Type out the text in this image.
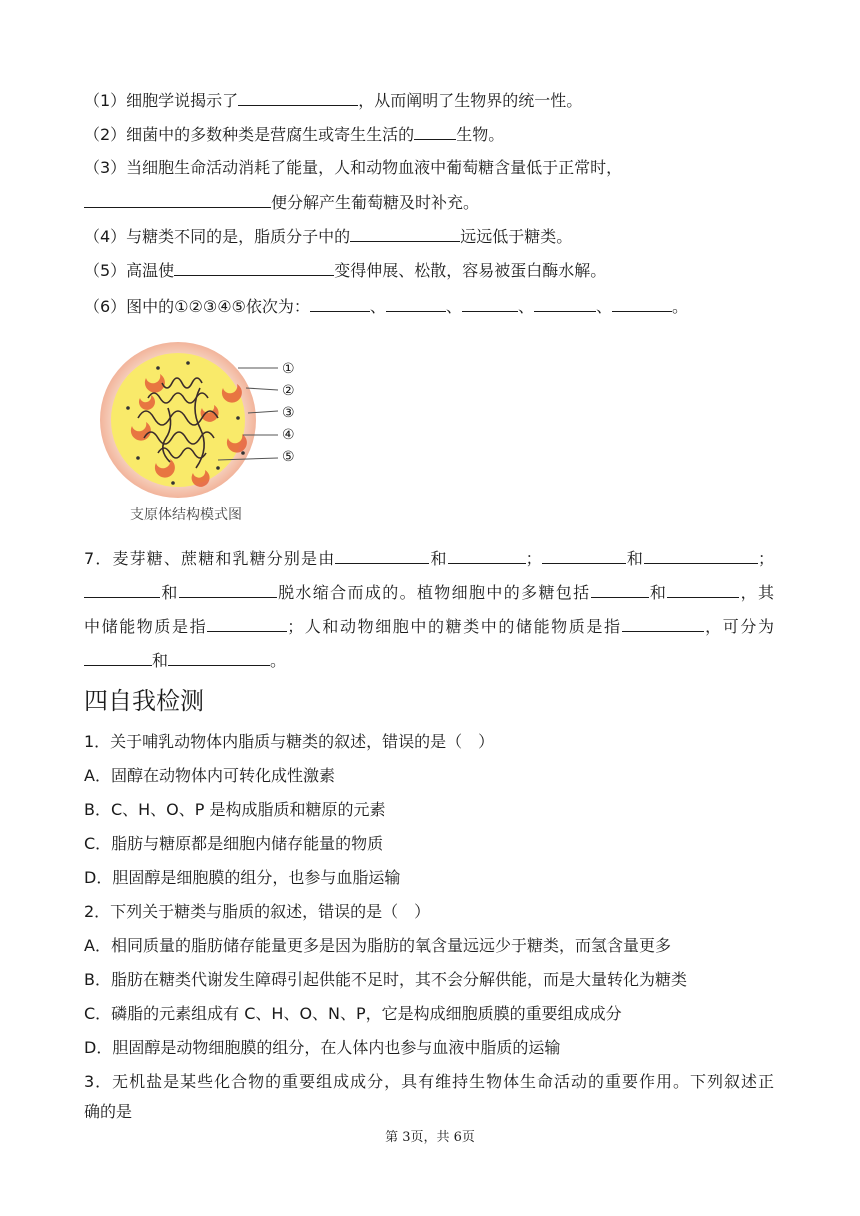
（1）细胞学说揭示了	，从而阐明了生物界的统一性。
（2）细菌中的多数种类是营腐生或寄生生活的	生物。
（3）当细胞生命活动消耗了能量，人和动物血液中葡萄糖含量低于正常时，
便分解产生葡萄糖及时补充。
（4）与糖类不同的是，脂质分子中的	远远低于糖类。
（5）高温使	变得伸展、松散，容易被蛋白酶水解。
（6）图中的①②③④⑤依次为：	、	、	、	、	。
①
②
③
④
⑤
支原体结构模式图
7．麦芽糖、蔗糖和乳糖分别是由	和	；	和	；
和	脱水缩合而成的。植物细胞中的多糖包括	和	，其
中储能物质是指	；人和动物细胞中的糖类中的储能物质是指	，可分为
和	。
四自我检测
1．关于哺乳动物体内脂质与糖类的叙述，错误的是（　）
A．固醇在动物体内可转化成性激素
B．C、H、O、P 是构成脂质和糖原的元素
C．脂肪与糖原都是细胞内储存能量的物质
D．胆固醇是细胞膜的组分，也参与血脂运输
2．下列关于糖类与脂质的叙述，错误的是（　）
A．相同质量的脂肪储存能量更多是因为脂肪的氧含量远远少于糖类，而氢含量更多
B．脂肪在糖类代谢发生障碍引起供能不足时，其不会分解供能，而是大量转化为糖类
C．磷脂的元素组成有 C、H、O、N、P，它是构成细胞质膜的重要组成成分
D．胆固醇是动物细胞膜的组分，在人体内也参与血液中脂质的运输
3．无机盐是某些化合物的重要组成成分，具有维持生物体生命活动的重要作用。下列叙述正
确的是
第 3页，共 6页
